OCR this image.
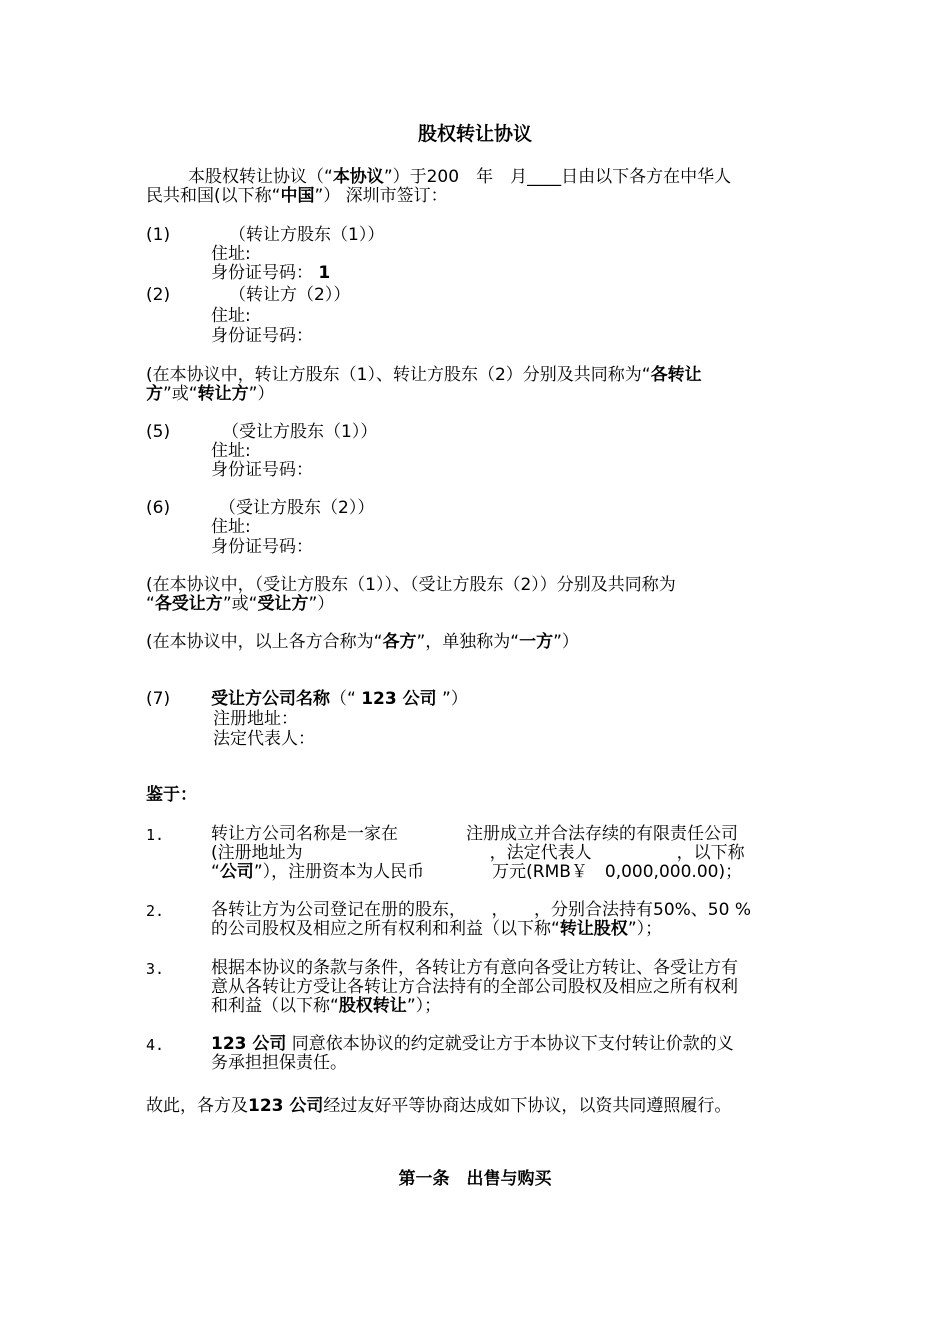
股权转让协议
本股权转让协议（“本协议”）于200　年　月____日由以下各方在中华人
民共和国(以下称“中国”） 深圳市签订：
(1)	（转让方股东（1））
住址:
身份证号码： 1
(2)	（转让方（2））
住址:
身份证号码：
(在本协议中，转让方股东（1）、转让方股东（2）分别及共同称为“各转让
方”或“转让方”）
(5)	（受让方股东（1））
住址:
身份证号码：
(6)	（受让方股东（2））
住址:
身份证号码：
(在本协议中，（受让方股东（1））、（受让方股东（2））分别及共同称为
“各受让方”或“受让方”）
(在本协议中，以上各方合称为“各方”，单独称为“一方”）
(7) 受让方公司名称（“ 123 公司 ”）
注册地址：
法定代表人：
鉴于：
1.	转让方公司名称是一家在　　　　注册成立并合法存续的有限责任公司
(注册地址为　　　　　　　　　　　，法定代表人　　　　　，以下称
“公司”），注册资本为人民币　　　　万元(RMB￥　0,000,000.00)；
2.	各转让方为公司登记在册的股东，　　，　　，分别合法持有50%、50 %
的公司股权及相应之所有权利和利益（以下称“转让股权”）；
3.	根据本协议的条款与条件，各转让方有意向各受让方转让、各受让方有
意从各转让方受让各转让方合法持有的全部公司股权及相应之所有权利
和利益（以下称“股权转让”）；
4.	123 公司 同意依本协议的约定就受让方于本协议下支付转让价款的义
务承担担保责任。
故此，各方及123 公司经过友好平等协商达成如下协议，以资共同遵照履行。
第一条　出售与购买
